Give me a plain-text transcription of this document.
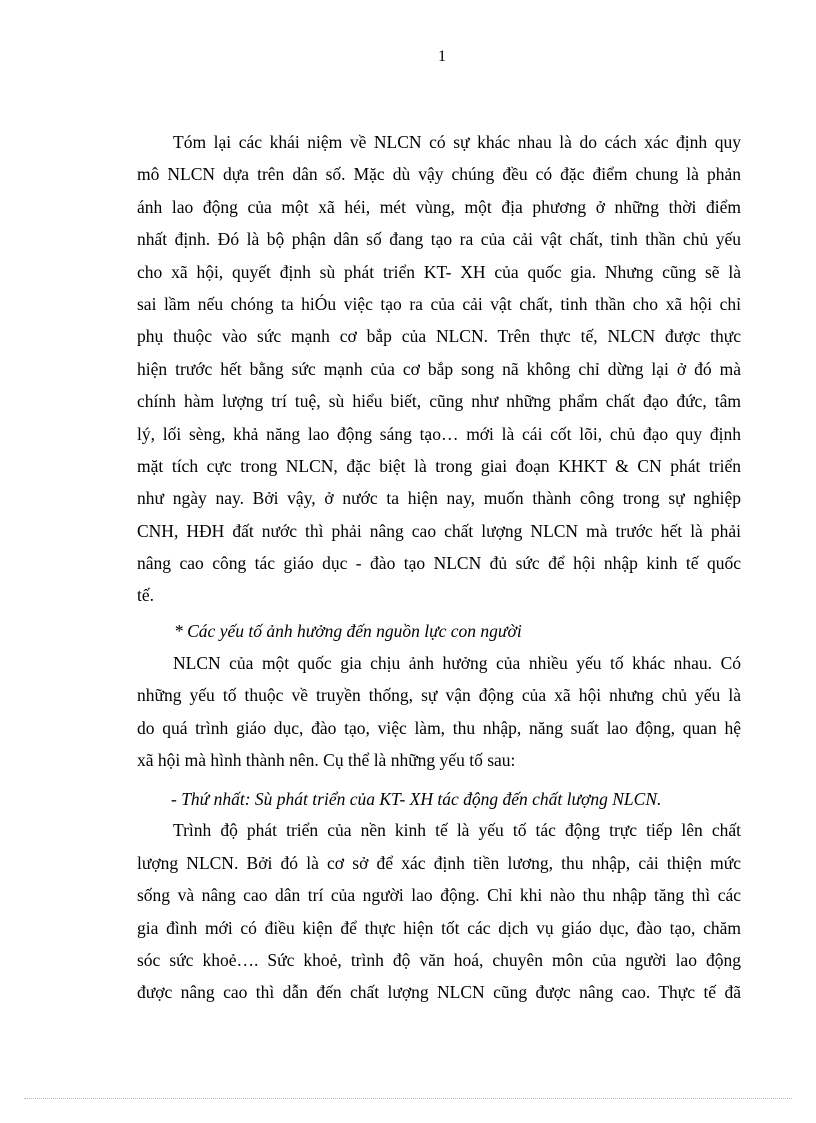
1
Tóm lại các khái niệm về NLCN có sự khác nhau là do cách xác định quy
mô NLCN dựa trên dân số. Mặc dù vậy chúng đều có đặc điểm chung là phản
ánh lao động của một xã héi, mét vùng, một địa phương ở những thời điểm
nhất định. Đó là bộ phận dân số đang tạo ra của cải vật chất, tinh thần chủ yếu
cho xã hội, quyết định sù phát triển KT- XH của quốc gia. Nhưng cũng sẽ là
sai lầm nếu chóng ta hiÓu việc tạo ra của cải vật chất, tinh thần cho xã hội chỉ
phụ thuộc vào sức mạnh cơ bắp của NLCN. Trên thực tế, NLCN được thực
hiện trước hết bằng sức mạnh của cơ bắp song nã không chỉ dừng lại ở đó mà
chính hàm lượng trí tuệ, sù hiểu biết, cũng như những phẩm chất đạo đức, tâm
lý, lối sèng, khả năng lao động sáng tạo… mới là cái cốt lõi, chủ đạo quy định
mặt tích cực trong NLCN, đặc biệt là trong giai đoạn KHKT & CN phát triển
như ngày nay. Bởi vậy, ở nước ta hiện nay, muốn thành công trong sự nghiệp
CNH, HĐH đất nước thì phải nâng cao chất lượng NLCN mà trước hết là phải
nâng cao công tác giáo dục - đào tạo NLCN đủ sức để hội nhập kinh tế quốc
tế.
* Các yếu tố ảnh hưởng đến nguồn lực con người
NLCN của một quốc gia chịu ảnh hưởng của nhiều yếu tố khác nhau. Có
những yếu tố thuộc về truyền thống, sự vận động của xã hội nhưng chủ yếu là
do quá trình giáo dục, đào tạo, việc làm, thu nhập, năng suất lao động, quan hệ
xã hội mà hình thành nên. Cụ thể là những yếu tố sau:
- Thứ nhất: Sù phát triển của KT- XH tác động đến chất lượng NLCN.
Trình độ phát triển của nền kinh tế là yếu tố tác động trực tiếp lên chất
lượng NLCN. Bởi đó là cơ sở để xác định tiền lương, thu nhập, cải thiện mức
sống và nâng cao dân trí của người lao động. Chỉ khi nào thu nhập tăng thì các
gia đình mới có điều kiện để thực hiện tốt các dịch vụ giáo dục, đào tạo, chăm
sóc sức khoẻ…. Sức khoẻ, trình độ văn hoá, chuyên môn của người lao động
được nâng cao thì dẫn đến chất lượng NLCN cũng được nâng cao. Thực tế đã
